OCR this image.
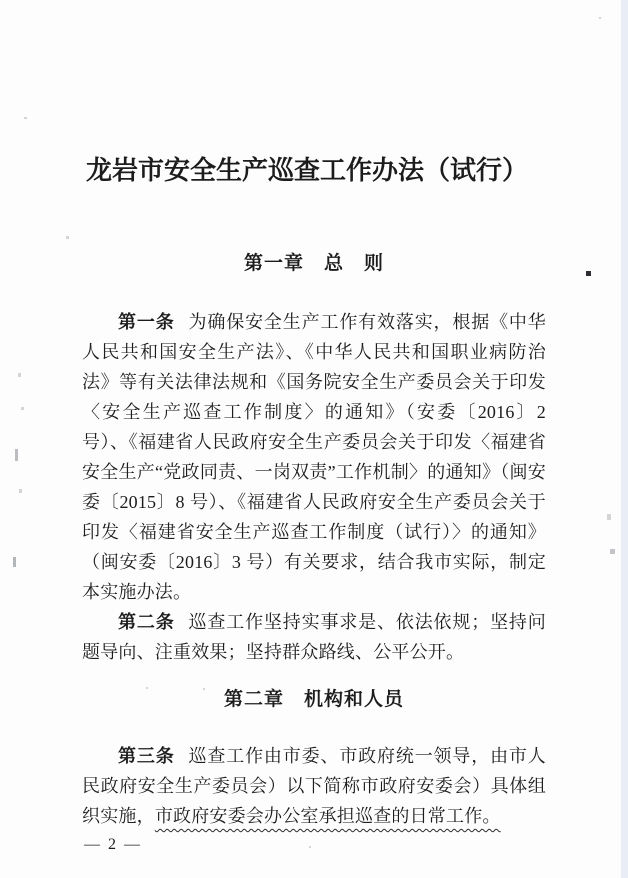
龙岩市安全生产巡查工作办法（试行）
第一章　总　则

第一条 为确保安全生产工作有效落实，根据《中华人民共和国安全生产法》、《中华人民共和国职业病防治法》等有关法律法规和《国务院安全生产委员会关于印发〈安全生产巡查工作制度〉的通知》（安委〔2016〕2 号）、《福建省人民政府安全生产委员会关于印发〈福建省安全生产“党政同责、一岗双责”工作机制〉的通知》（闽安委〔2015〕8 号）、《福建省人民政府安全生产委员会关于印发〈福建省安全生产巡查工作制度（试行）〉的通知》（闽安委〔2016〕3 号）有关要求，结合我市实际，制定本实施办法。

第二条 巡查工作坚持实事求是、依法依规；坚持问题导向、注重效果；坚持群众路线、公平公开。

第二章　机构和人员

第三条 巡查工作由市委、市政府统一领导，由市人民政府安全生产委员会）以下简称市政府安委会）具体组织实施，市政府安委会办公室承担巡查的日常工作。

— 2 —
